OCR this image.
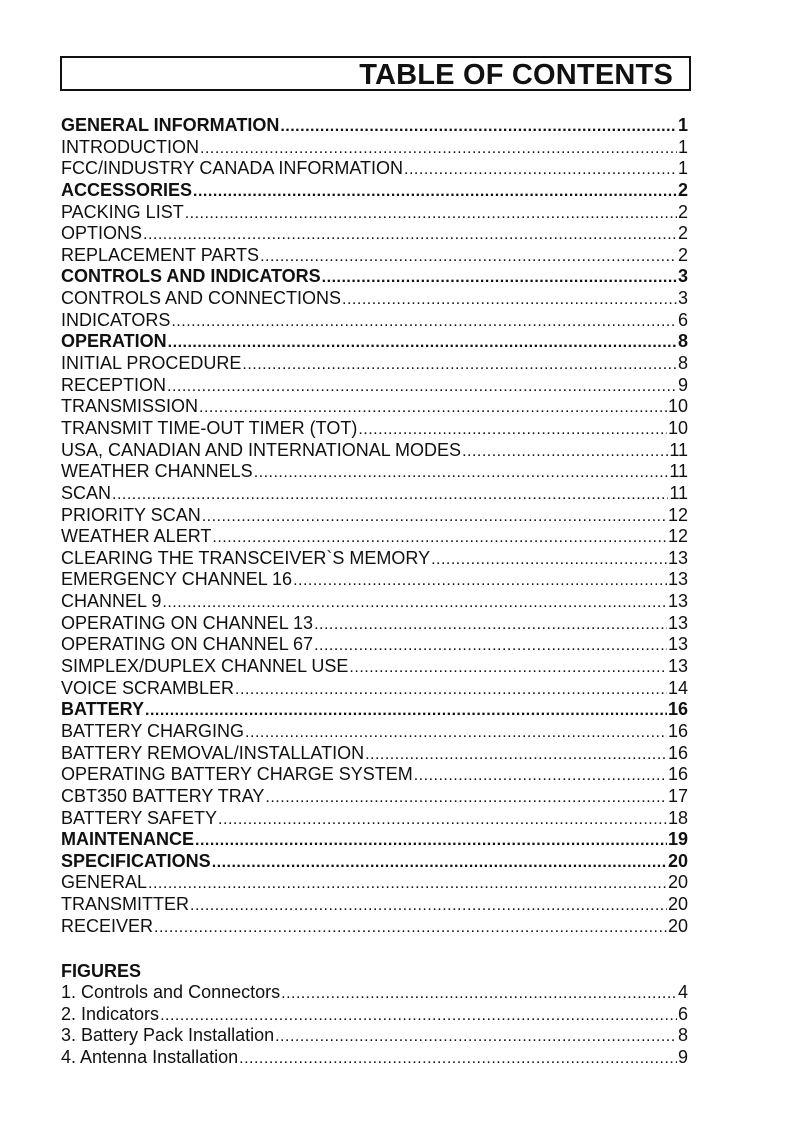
TABLE OF CONTENTS
GENERAL INFORMATION .....	1
INTRODUCTION .....	1
FCC/INDUSTRY CANADA INFORMATION .....	1
ACCESSORIES .....	2
PACKING LIST .....	2
OPTIONS .....	2
REPLACEMENT PARTS .....	2
CONTROLS AND INDICATORS .....	3
CONTROLS AND CONNECTIONS .....	3
INDICATORS .....	6
OPERATION .....	8
INITIAL PROCEDURE .....	8
RECEPTION .....	9
TRANSMISSION .....	10
TRANSMIT TIME-OUT TIMER (TOT) .....	10
USA, CANADIAN AND INTERNATIONAL MODES .....	11
WEATHER CHANNELS .....	11
SCAN .....	11
PRIORITY SCAN .....	12
WEATHER ALERT .....	12
CLEARING THE TRANSCEIVER`S MEMORY .....	13
EMERGENCY CHANNEL 16 .....	13
CHANNEL 9 .....	13
OPERATING ON CHANNEL 13 .....	13
OPERATING ON CHANNEL 67 .....	13
SIMPLEX/DUPLEX CHANNEL USE .....	13
VOICE SCRAMBLER .....	14
BATTERY .....	16
BATTERY CHARGING .....	16
BATTERY REMOVAL/INSTALLATION .....	16
OPERATING BATTERY CHARGE SYSTEM .....	16
CBT350 BATTERY TRAY .....	17
BATTERY SAFETY .....	18
MAINTENANCE .....	19
SPECIFICATIONS .....	20
GENERAL .....	20
TRANSMITTER .....	20
RECEIVER .....	20
FIGURES
1. Controls and Connectors .....	4
2. Indicators .....	6
3. Battery Pack Installation .....	8
4. Antenna Installation .....	9
